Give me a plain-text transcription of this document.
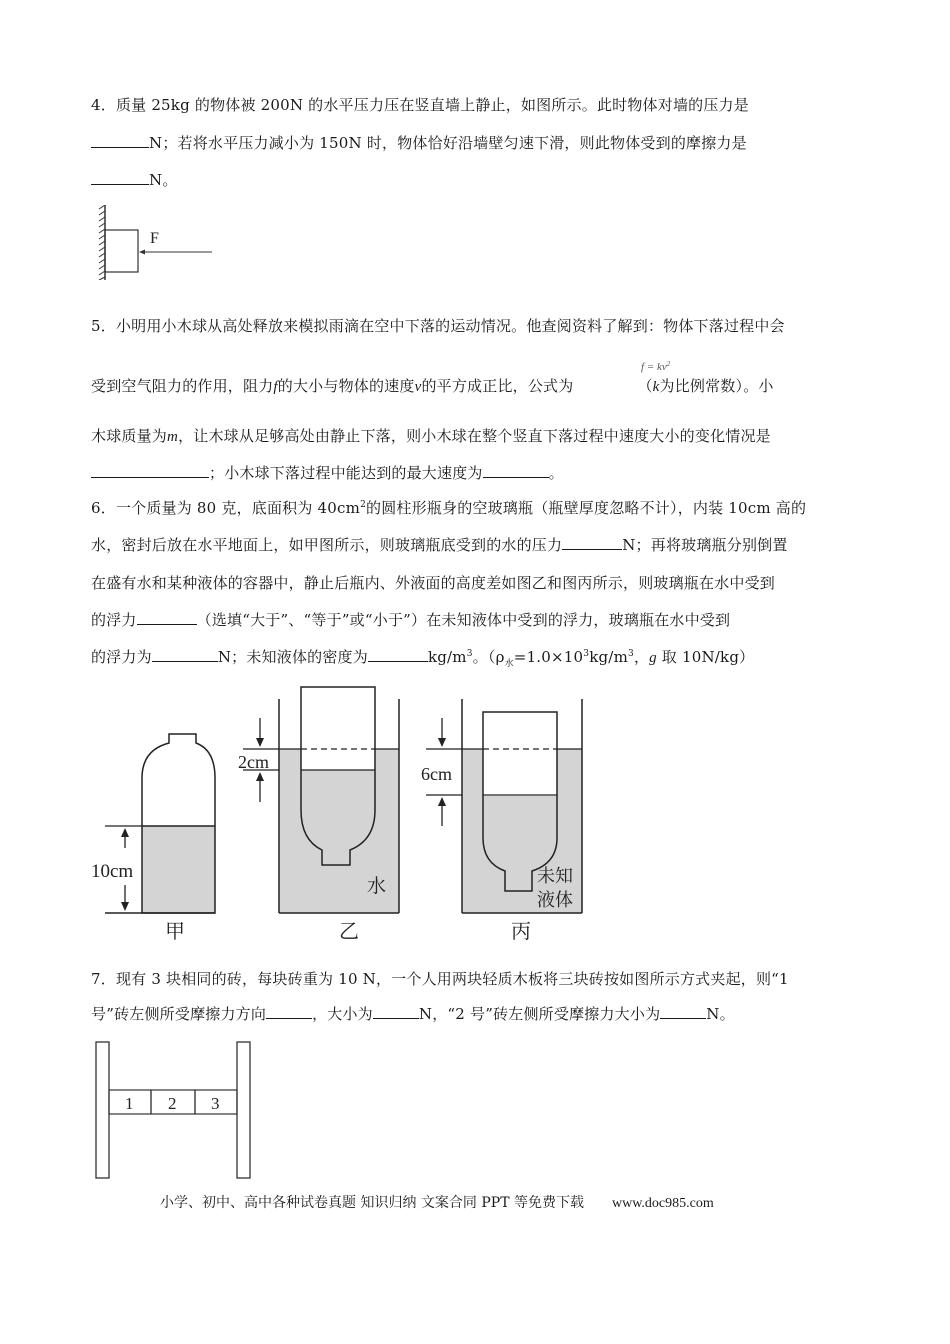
4．质量 25kg 的物体被 200N 的水平压力压在竖直墙上静止，如图所示。此时物体对墙的压力是
N；若将水平压力减小为 150N 时，物体恰好沿墙壁匀速下滑，则此物体受到的摩擦力是
N。
F
5．小明用小木球从高处释放来模拟雨滴在空中下落的运动情况。他查阅资料了解到：物体下落过程中会
$f = kv^2$
受到空气阻力的作用，阻力f的大小与物体的速度v的平方成正比，公式为	（k为比例常数）。小
木球质量为m，让木球从足够高处由静止下落，则小木球在整个竖直下落过程中速度大小的变化情况是
；小木球下落过程中能达到的最大速度为	。
6．一个质量为 80 克，底面积为 $40cm^2$的圆柱形瓶身的空玻璃瓶（瓶壁厚度忽略不计），内装 10cm 高的
水，密封后放在水平地面上，如甲图所示，则玻璃瓶底受到的水的压力	N；再将玻璃瓶分别倒置
在盛有水和某种液体的容器中，静止后瓶内、外液面的高度差如图乙和图丙所示，则玻璃瓶在水中受到
的浮力	（选填“大于”、“等于”或“小于”）在未知液体中受到的浮力，玻璃瓶在水中受到
的浮力为	N；未知液体的密度为	$kg/m^3$。（$\rho_水=1.0\times 10^3kg/m^3$，g 取 10N/kg）
10cm
甲
2cm
水
乙
6cm
未知
液体
丙
7．现有 3 块相同的砖，每块砖重为 10 N，一个人用两块轻质木板将三块砖按如图所示方式夹起，则“1
号”砖左侧所受摩擦力方向	，大小为	N，“2 号”砖左侧所受摩擦力大小为	N。
1 2 3
小学、初中、高中各种试卷真题 知识归纳 文案合同 PPT 等免费下载 www.doc985.com
